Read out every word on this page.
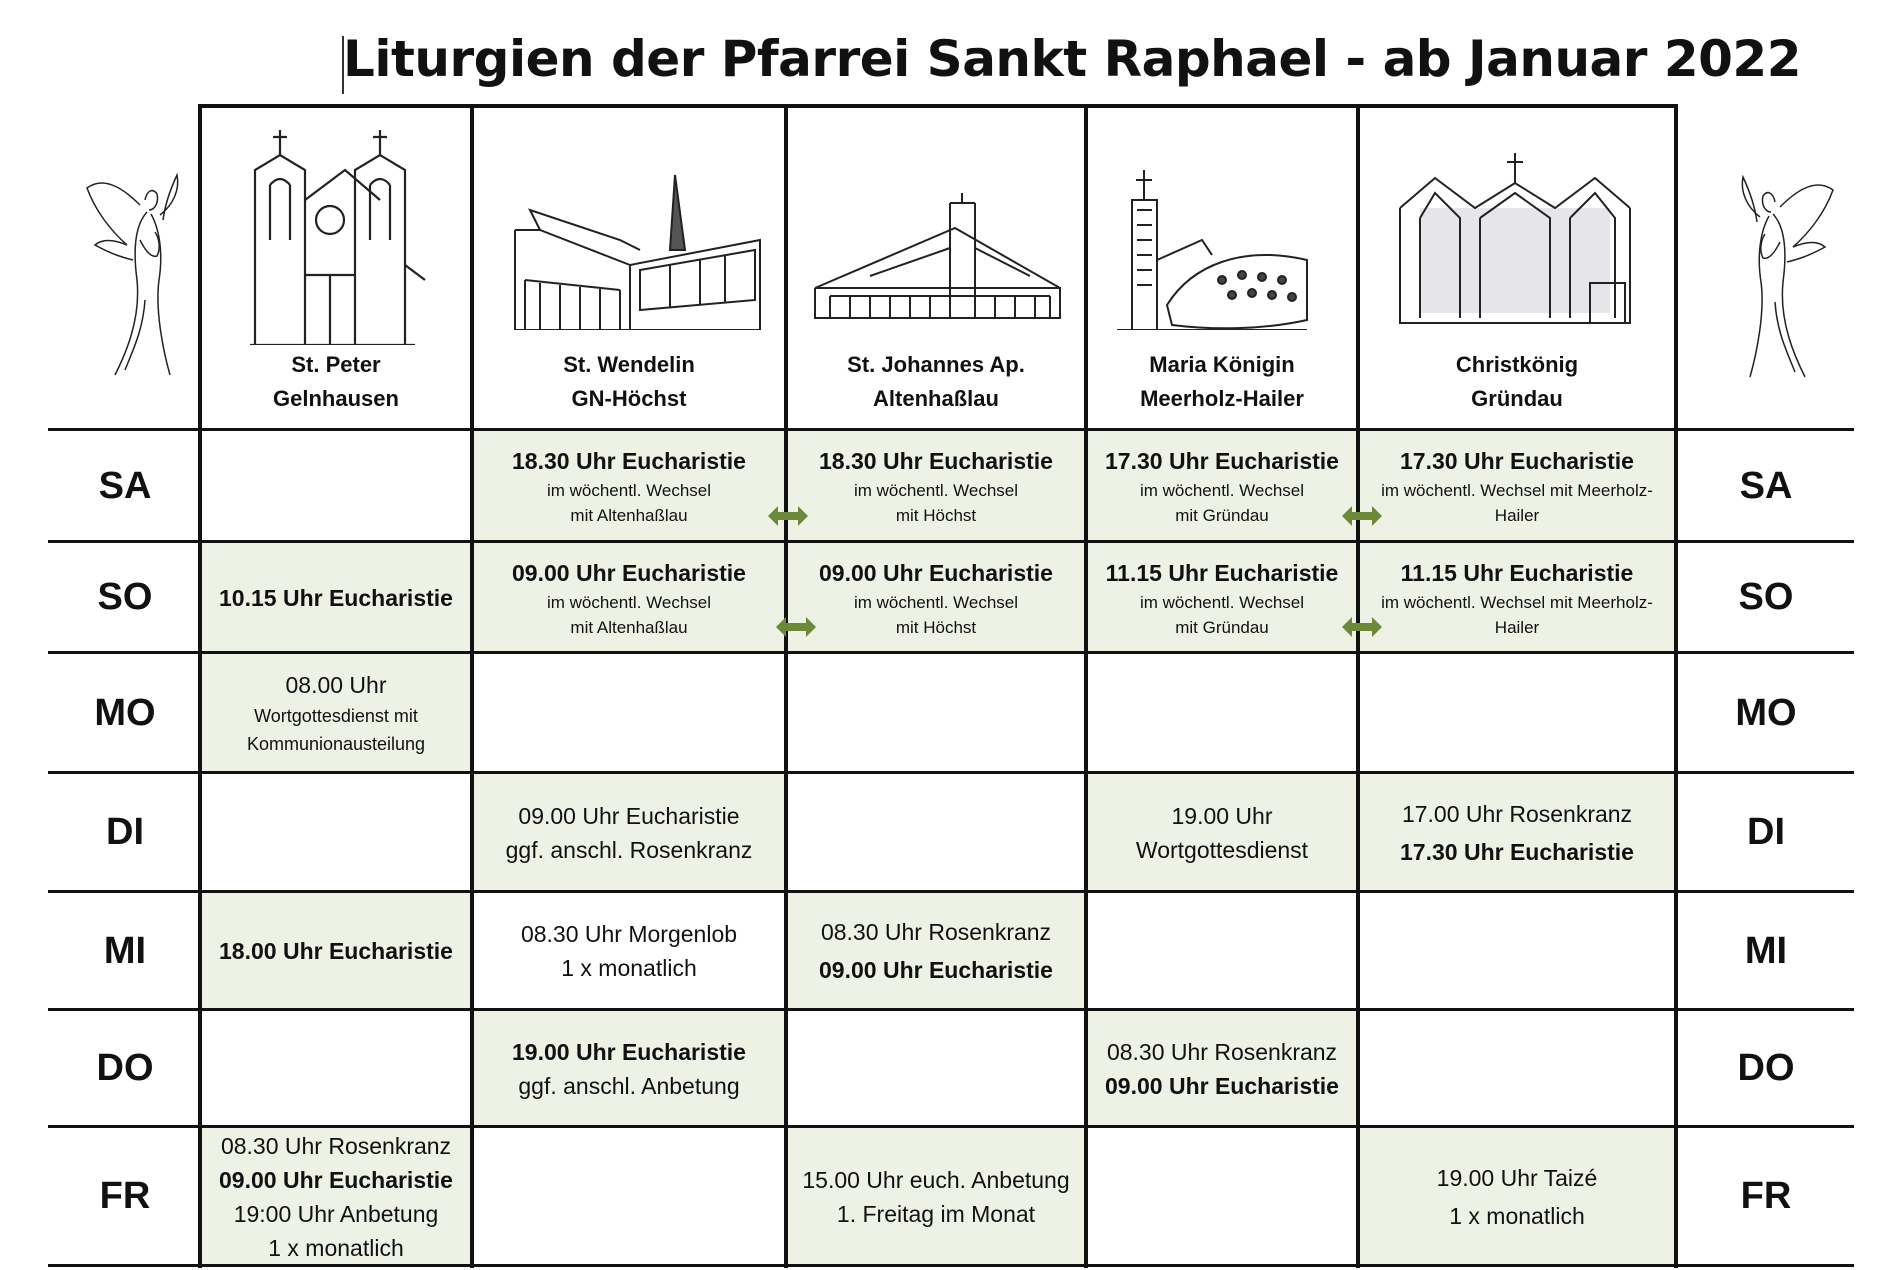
Liturgien der Pfarrei Sankt Raphael - ab Januar 2022
18.30 Uhr Eucharistie
im wöchentl. Wechsel
mit Altenhaßlau
18.30 Uhr Eucharistie
im wöchentl. Wechsel
mit Höchst
17.30 Uhr Eucharistie
im wöchentl. Wechsel
mit Gründau
17.30 Uhr Eucharistie
im wöchentl. Wechsel mit Meerholz-
Hailer
10.15 Uhr Eucharistie
09.00 Uhr Eucharistie
im wöchentl. Wechsel
mit Altenhaßlau
09.00 Uhr Eucharistie
im wöchentl. Wechsel
mit Höchst
11.15 Uhr Eucharistie
im wöchentl. Wechsel
mit Gründau
11.15 Uhr Eucharistie
im wöchentl. Wechsel mit Meerholz-
Hailer
08.00 Uhr
Wortgottesdienst mit
Kommunionausteilung
09.00 Uhr Eucharistie
ggf. anschl. Rosenkranz
19.00 Uhr
Wortgottesdienst
17.00 Uhr Rosenkranz
17.30 Uhr Eucharistie
18.00 Uhr Eucharistie
08.30 Uhr Morgenlob
1 x monatlich
08.30 Uhr Rosenkranz
09.00 Uhr Eucharistie
19.00 Uhr Eucharistie
ggf. anschl. Anbetung
08.30 Uhr Rosenkranz
09.00 Uhr Eucharistie
08.30 Uhr Rosenkranz
09.00 Uhr Eucharistie
19:00 Uhr Anbetung
1 x monatlich
15.00 Uhr euch. Anbetung
1. Freitag im Monat
19.00 Uhr Taizé
1 x monatlich
St. Peter
Gelnhausen
St. Wendelin
GN-Höchst
St. Johannes Ap.
Altenhaßlau
Maria Königin
Meerholz-Hailer
Christkönig
Gründau
SA
SO
MO
DI
MI
DO
FR
SA
SO
MO
DI
MI
DO
FR
